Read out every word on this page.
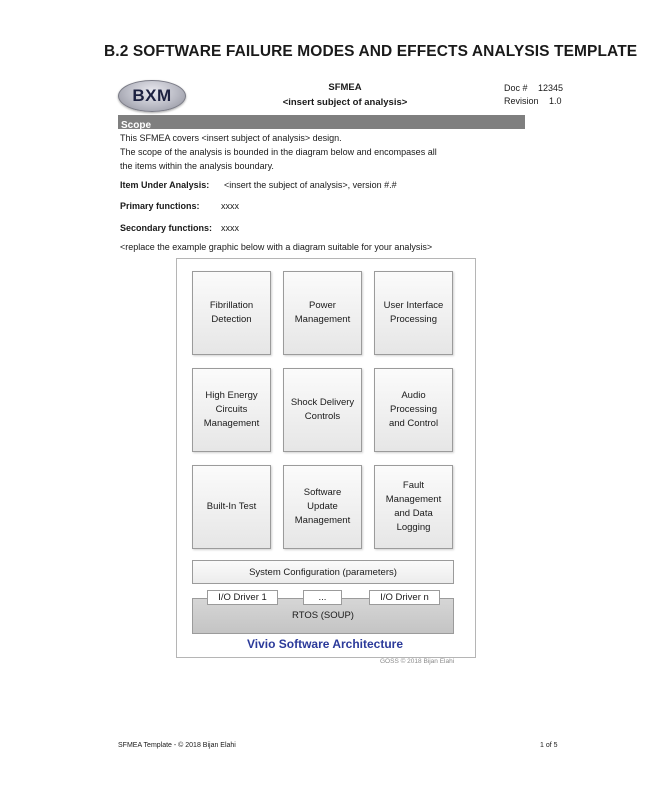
B.2 SOFTWARE FAILURE MODES AND EFFECTS ANALYSIS TEMPLATE
BXM	SFMEA
<insert subject of analysis>
Doc # 12345
Revision 1.0
Scope
This SFMEA covers <insert subject of analysis> design.
The scope of the analysis is bounded in the diagram below and encompases all
the items within the analysis boundary.
Item Under Analysis: <insert the subject of analysis>, version #.#
Primary functions: xxxx
Secondary functions: xxxx
<replace the example graphic below with a diagram suitable for your analysis>
Fibrillation
Detection
Power
Management
User Interface
Processing
High Energy
Circuits
Management
Shock Delivery
Controls
Audio
Processing
and Control
Built-In Test
Software
Update
Management
Fault
Management
and Data
Logging
System Configuration (parameters)
RTOS (SOUP)
I/O Driver 1	...	I/O Driver n
Vivio Software Architecture
GOSS © 2018 Bijan Elahi
SFMEA Template - © 2018 Bijan Elahi	1 of 5
